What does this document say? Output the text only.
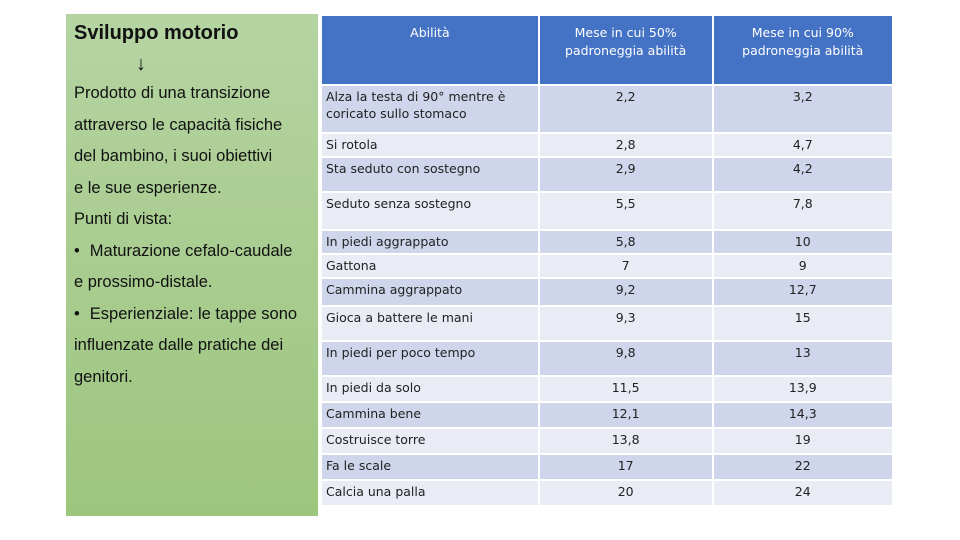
Sviluppo motorio
↓
Prodotto di una transizione
attraverso le capacità fisiche
del bambino, i suoi obiettivi
e le sue esperienze.
Punti di vista:
• Maturazione cefalo-caudale
e prossimo-distale.
• Esperienziale: le tappe sono
influenzate dalle pratiche dei
genitori.
Abilità	Mese in cui 50% padroneggia abilità	Mese in cui 90% padroneggia abilità
Alza la testa di 90° mentre è coricato sullo stomaco	2,2	3,2
Si rotola	2,8	4,7
Sta seduto con sostegno	2,9	4,2
Seduto senza sostegno	5,5	7,8
In piedi aggrappato	5,8	10
Gattona	7	9
Cammina aggrappato	9,2	12,7
Gioca a battere le mani	9,3	15
In piedi per poco tempo	9,8	13
In piedi da solo	11,5	13,9
Cammina bene	12,1	14,3
Costruisce torre	13,8	19
Fa le scale	17	22
Calcia una palla	20	24
